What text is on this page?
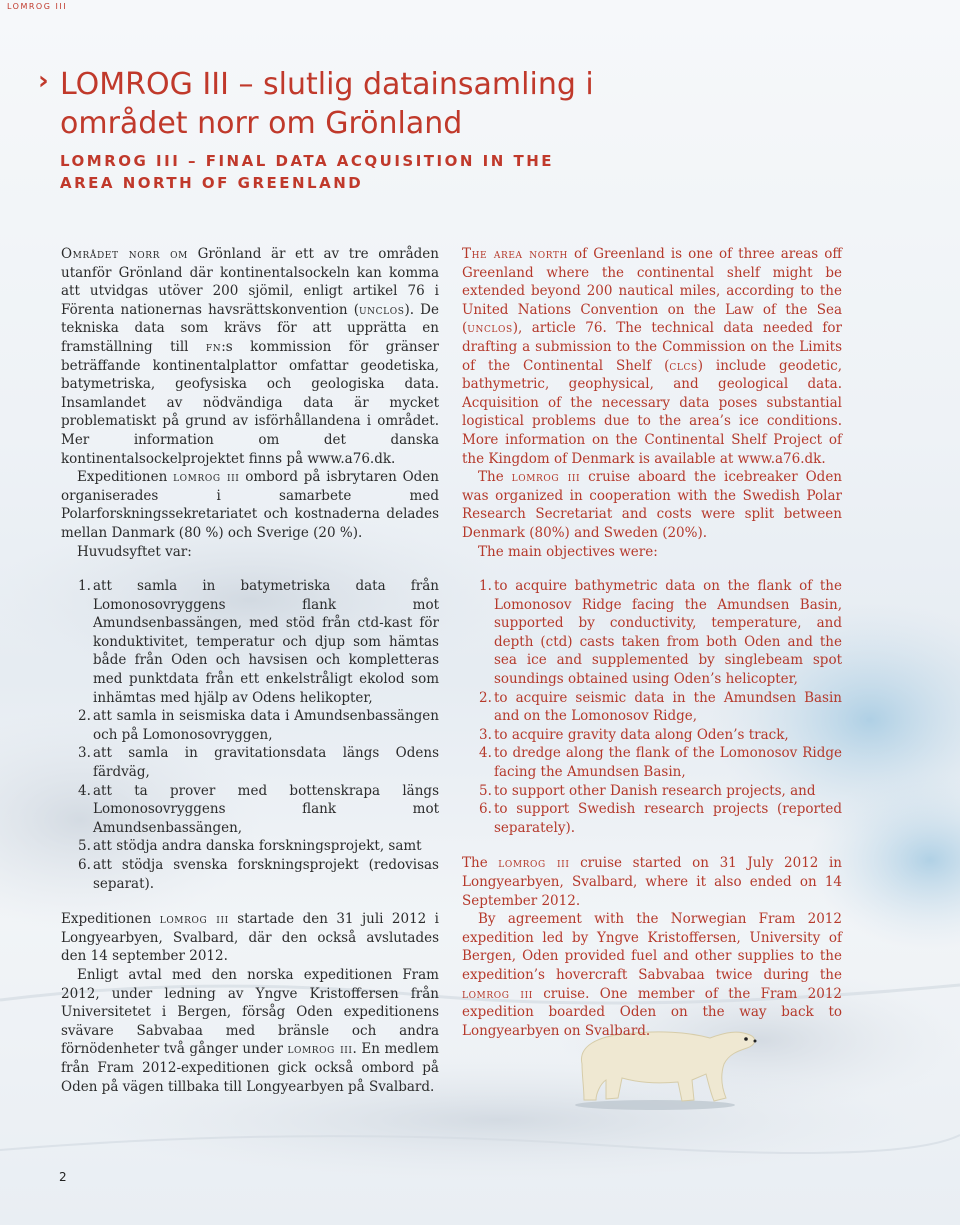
LOMROG III
› LOMROG III – slutlig datainsamling i området norr om Grönland
LOMROG III – FINAL DATA ACQUISITION IN THE AREA NORTH OF GREENLAND

Området norr om Grönland är ett av tre områden utanför Grönland där kontinentalsockeln kan komma att utvidgas utöver 200 sjömil, enligt artikel 76 i Förenta nationernas havsrättskonvention (unclos). De tekniska data som krävs för att upprätta en framställning till fn:s kommission för gränser beträffande kontinentalplattor omfattar geodetiska, batymetriska, geofysiska och geologiska data. Insamlandet av nödvändiga data är mycket problematiskt på grund av isförhållandena i området. Mer information om det danska kontinentalsockelprojektet finns på www.a76.dk.

Expeditionen lomrog iii ombord på isbrytaren Oden organiserades i samarbete med Polarforskningssekretariatet och kostnaderna delades mellan Danmark (80 %) och Sverige (20 %).

Huvudsyftet var:

1. att samla in batymetriska data från Lomonosovryggens flank mot Amundsenbassängen, med stöd från ctd-kast för konduktivitet, temperatur och djup som hämtas både från Oden och havsisen och kompletteras med punktdata från ett enkelstråligt ekolod som inhämtas med hjälp av Odens helikopter,
2. att samla in seismiska data i Amundsenbassängen och på Lomonosovryggen,
3. att samla in gravitationsdata längs Odens färdväg,
4. att ta prover med bottenskrapa längs Lomonosovryggens flank mot Amundsenbassängen,
5. att stödja andra danska forskningsprojekt, samt
6. att stödja svenska forskningsprojekt (redovisas separat).

Expeditionen lomrog iii startade den 31 juli 2012 i Longyearbyen, Svalbard, där den också avslutades den 14 september 2012.

Enligt avtal med den norska expeditionen Fram 2012, under ledning av Yngve Kristoffersen från Universitetet i Bergen, försåg Oden expeditionens svävare Sabvabaa med bränsle och andra förnödenheter två gånger under lomrog iii. En medlem från Fram 2012-expeditionen gick också ombord på Oden på vägen tillbaka till Longyearbyen på Svalbard.

The area north of Greenland is one of three areas off Greenland where the continental shelf might be extended beyond 200 nautical miles, according to the United Nations Convention on the Law of the Sea (unclos), article 76. The technical data needed for drafting a submission to the Commission on the Limits of the Continental Shelf (clcs) include geodetic, bathymetric, geophysical, and geological data. Acquisition of the necessary data poses substantial logistical problems due to the area’s ice conditions. More information on the Continental Shelf Project of the Kingdom of Denmark is available at www.a76.dk.

The lomrog iii cruise aboard the icebreaker Oden was organized in cooperation with the Swedish Polar Research Secretariat and costs were split between Denmark (80%) and Sweden (20%).

The main objectives were:

1. to acquire bathymetric data on the flank of the Lomonosov Ridge facing the Amundsen Basin, supported by conductivity, temperature, and depth (ctd) casts taken from both Oden and the sea ice and supplemented by singlebeam spot soundings obtained using Oden’s helicopter,
2. to acquire seismic data in the Amundsen Basin and on the Lomonosov Ridge,
3. to acquire gravity data along Oden’s track,
4. to dredge along the flank of the Lomonosov Ridge facing the Amundsen Basin,
5. to support other Danish research projects, and
6. to support Swedish research projects (reported separately).

The lomrog iii cruise started on 31 July 2012 in Longyearbyen, Svalbard, where it also ended on 14 September 2012.

By agreement with the Norwegian Fram 2012 expedition led by Yngve Kristoffersen, University of Bergen, Oden provided fuel and other supplies to the expedition’s hovercraft Sabvabaa twice during the lomrog iii cruise. One member of the Fram 2012 expedition boarded Oden on the way back to Longyearbyen on Svalbard.

2
